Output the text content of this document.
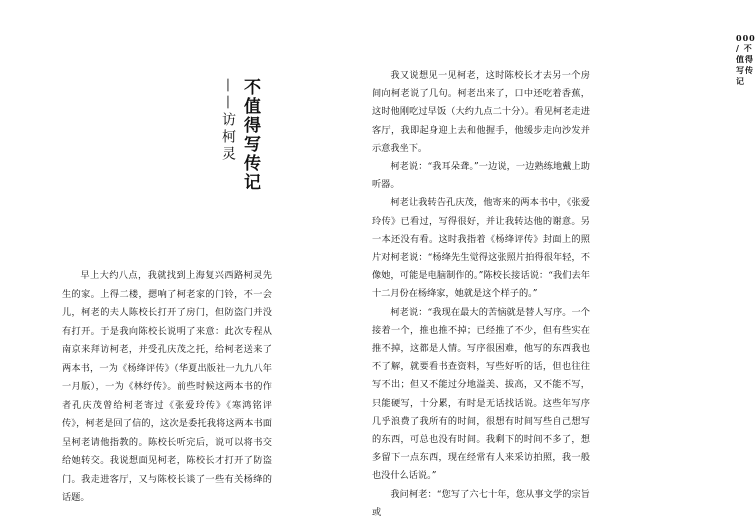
不值得写传记
——访柯灵

早上大约八点，我就找到上海复兴西路柯灵先生的家。上得二楼，摁响了柯老家的门铃，不一会儿，柯老的夫人陈校长打开了房门，但防盗门并没有打开。于是我向陈校长说明了来意：此次专程从南京来拜访柯老，并受孔庆茂之托，给柯老送来了两本书，一为《杨绛评传》（华夏出版社一九九八年一月版），一为《林纾传》。前些时候这两本书的作者孔庆茂曾给柯老寄过《张爱玲传》《寒鸿铭评传》，柯老是回了信的，这次是委托我将这两本书面呈柯老请他指教的。陈校长听完后，说可以将书交给她转交。我说想面见柯老，陈校长才打开了防盗门。我走进客厅，又与陈校长谈了一些有关杨绛的话题。

000 / 不值得写传记

我又说想见一见柯老，这时陈校长才去另一个房间向柯老说了几句。柯老出来了，口中还吃着香蕉，这时他刚吃过早饭（大约九点二十分）。看见柯老走进客厅，我即起身迎上去和他握手，他缓步走向沙发并示意我坐下。

柯老说：“我耳朵聋。”一边说，一边熟练地戴上助听器。

柯老让我转告孔庆茂，他寄来的两本书中，《张爱玲传》已看过，写得很好，并让我转达他的谢意。另一本还没有看。这时我指着《杨绛评传》封面上的照片对柯老说：“杨绛先生觉得这张照片拍得很年轻，不像她，可能是电脑制作的。”陈校长接话说：“我们去年十二月份在杨绛家，她就是这个样子的。”

柯老说：“我现在最大的苦恼就是替人写序。一个接着一个，推也推不掉；已经推了不少，但有些实在推不掉，这都是人情。写序很困难，他写的东西我也不了解，就要看书查资料，写些好听的话，但也往往写不出；但又不能过分地溢美、拔高，又不能不写，只能硬写，十分累，有时是无话找话说。这些年写序几乎浪费了我所有的时间，很想有时间写些自己想写的东西，可总也没有时间。我剩下的时间不多了，想多留下一点东西，现在经常有人来采访拍照，我一般也没什么话说。”

我问柯老：“您写了六七十年，您从事文学的宗旨或
